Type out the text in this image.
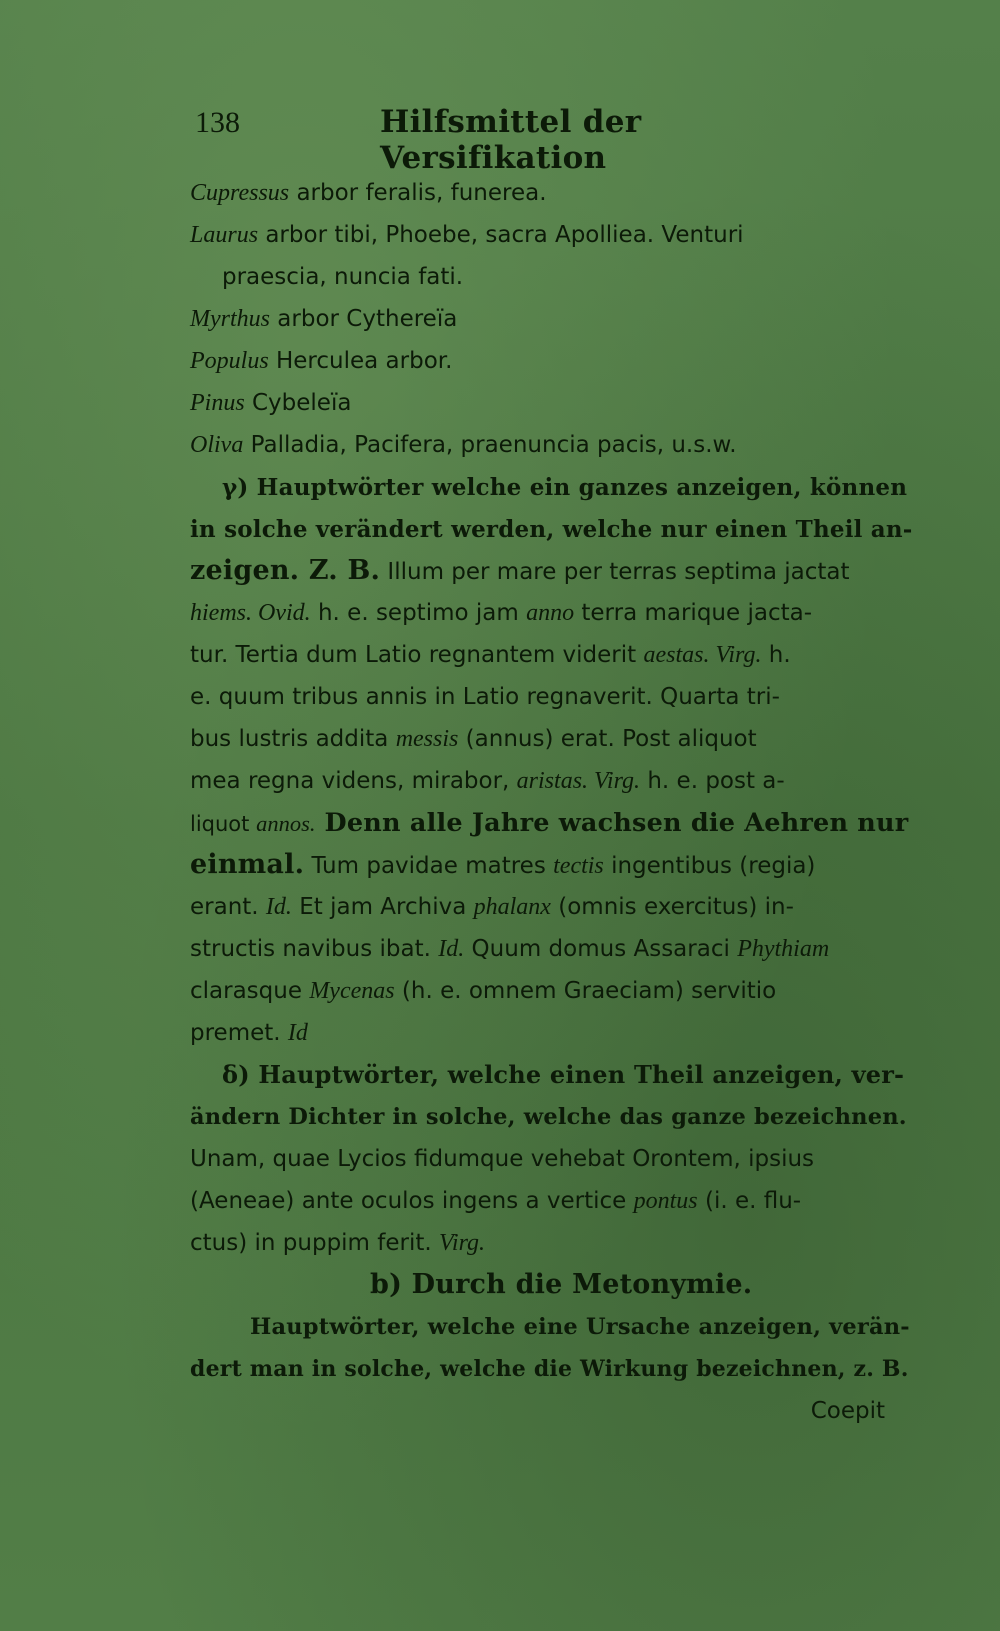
138	Hilfsmittel der Versifikation
Cupressus arbor feralis, funerea.
Laurus arbor tibi, Phoebe, sacra Apolliea. Venturi
praescia, nuncia fati.
Myrthus arbor Cythereïa
Populus Herculea arbor.
Pinus Cybeleïa
Oliva Palladia, Pacifera, praenuncia pacis, u.s.w.
γ) Hauptwörter welche ein ganzes anzeigen, können
in solche verändert werden, welche nur einen Theil an-
zeigen. Z. B. Illum per mare per terras septima jactat
hiems. Ovid. h. e. septimo jam anno terra marique jacta-
tur. Tertia dum Latio regnantem viderit aestas. Virg. h.
e. quum tribus annis in Latio regnaverit. Quarta tri-
bus lustris addita messis (annus) erat. Post aliquot
mea regna videns, mirabor, aristas. Virg. h. e. post a-
liquot annos. Denn alle Jahre wachsen die Aehren nur
einmal. Tum pavidae matres tectis ingentibus (regia)
erant. Id. Et jam Archiva phalanx (omnis exercitus) in-
structis navibus ibat. Id. Quum domus Assaraci Phythiam
clarasque Mycenas (h. e. omnem Graeciam) servitio
premet. Id
δ) Hauptwörter, welche einen Theil anzeigen, ver-
ändern Dichter in solche, welche das ganze bezeichnen.
Unam, quae Lycios fidumque vehebat Orontem, ipsius
(Aeneae) ante oculos ingens a vertice pontus (i. e. flu-
ctus) in puppim ferit. Virg.
b) Durch die Metonymie.
Hauptwörter, welche eine Ursache anzeigen, verän-
dert man in solche, welche die Wirkung bezeichnen, z. B.
Coepit
